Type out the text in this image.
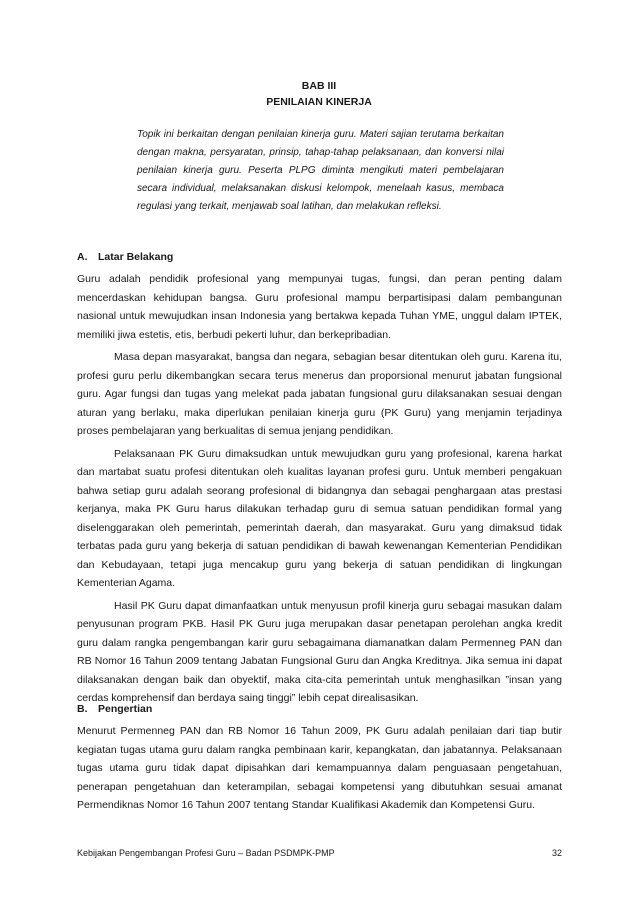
BAB III
PENILAIAN KINERJA
Topik ini berkaitan dengan penilaian kinerja guru. Materi sajian terutama berkaitan dengan makna, persyaratan, prinsip, tahap-tahap pelaksanaan, dan konversi nilai penilaian kinerja guru. Peserta PLPG diminta mengikuti materi pembelajaran secara individual, melaksanakan diskusi kelompok, menelaah kasus, membaca regulasi yang terkait, menjawab soal latihan, dan melakukan refleksi.
A. Latar Belakang

Guru adalah pendidik profesional yang mempunyai tugas, fungsi, dan peran penting dalam mencerdaskan kehidupan bangsa. Guru profesional mampu berpartisipasi dalam pembangunan nasional untuk mewujudkan insan Indonesia yang bertakwa kepada Tuhan YME, unggul dalam IPTEK, memiliki jiwa estetis, etis, berbudi pekerti luhur, dan berkepribadian.

Masa depan masyarakat, bangsa dan negara, sebagian besar ditentukan oleh guru. Karena itu, profesi guru perlu dikembangkan secara terus menerus dan proporsional menurut jabatan fungsional guru. Agar fungsi dan tugas yang melekat pada jabatan fungsional guru dilaksanakan sesuai dengan aturan yang berlaku, maka diperlukan penilaian kinerja guru (PK Guru) yang menjamin terjadinya proses pembelajaran yang berkualitas di semua jenjang pendidikan.

Pelaksanaan PK Guru dimaksudkan untuk mewujudkan guru yang profesional, karena harkat dan martabat suatu profesi ditentukan oleh kualitas layanan profesi guru. Untuk memberi pengakuan bahwa setiap guru adalah seorang profesional di bidangnya dan sebagai penghargaan atas prestasi kerjanya, maka PK Guru harus dilakukan terhadap guru di semua satuan pendidikan formal yang diselenggarakan oleh pemerintah, pemerintah daerah, dan masyarakat. Guru yang dimaksud tidak terbatas pada guru yang bekerja di satuan pendidikan di bawah kewenangan Kementerian Pendidikan dan Kebudayaan, tetapi juga mencakup guru yang bekerja di satuan pendidikan di lingkungan Kementerian Agama.

Hasil PK Guru dapat dimanfaatkan untuk menyusun profil kinerja guru sebagai masukan dalam penyusunan program PKB. Hasil PK Guru juga merupakan dasar penetapan perolehan angka kredit guru dalam rangka pengembangan karir guru sebagaimana diamanatkan dalam Permenneg PAN dan RB Nomor 16 Tahun 2009 tentang Jabatan Fungsional Guru dan Angka Kreditnya. Jika semua ini dapat dilaksanakan dengan baik dan obyektif, maka cita-cita pemerintah untuk menghasilkan ”insan yang cerdas komprehensif dan berdaya saing tinggi” lebih cepat direalisasikan.

B. Pengertian

Menurut Permenneg PAN dan RB Nomor 16 Tahun 2009, PK Guru adalah penilaian dari tiap butir kegiatan tugas utama guru dalam rangka pembinaan karir, kepangkatan, dan jabatannya. Pelaksanaan tugas utama guru tidak dapat dipisahkan dari kemampuannya dalam penguasaan pengetahuan, penerapan pengetahuan dan keterampilan, sebagai kompetensi yang dibutuhkan sesuai amanat Permendiknas Nomor 16 Tahun 2007 tentang Standar Kualifikasi Akademik dan Kompetensi Guru.

Kebijakan Pengembangan Profesi Guru – Badan PSDMPK-PMP	32
